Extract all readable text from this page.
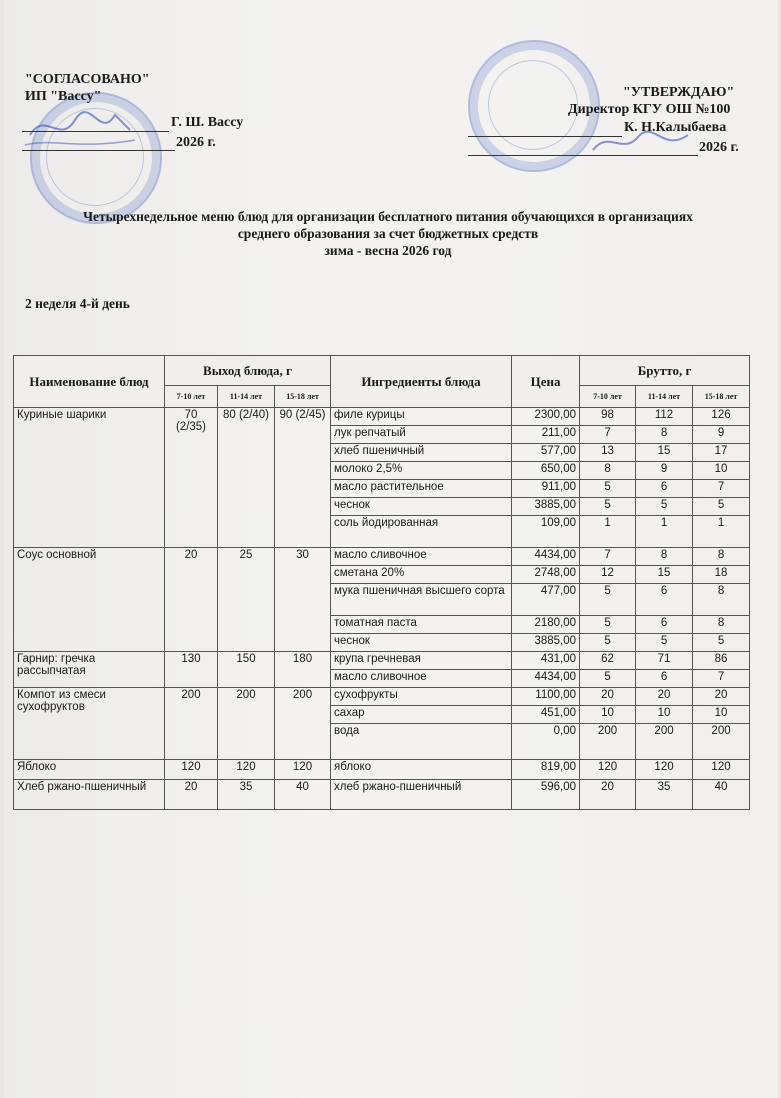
"СОГЛАСОВАНО"
ИП "Вассу"
Г. Ш. Вассу
2026 г.
"УТВЕРЖДАЮ"
Директор КГУ ОШ №100
К. Н.Калыбаева
2026 г.
Четырехнедельное меню блюд для организации бесплатного питания обучающихся в организациях
среднего образования за счет бюджетных средств
зима - весна 2026 год
2 неделя 4-й день
Наименование блюд	Выход блюда, г			Ингредиенты блюда	Цена	Брутто, г		
	7-10 лет	11-14 лет	15-18 лет			7-10 лет	11-14 лет	15-18 лет
Куриные шарики	70 (2/35)	80 (2/40)	90 (2/45)	филе курицы	2300,00	98	112	126
				лук репчатый	211,00	7	8	9
				хлеб пшеничный	577,00	13	15	17
				молоко 2,5%	650,00	8	9	10
				масло растительное	911,00	5	6	7
				чеснок	3885,00	5	5	5
				соль йодированная	109,00	1	1	1
Соус основной	20	25	30	масло сливочное	4434,00	7	8	8
				сметана 20%	2748,00	12	15	18
				мука пшеничная высшего сорта	477,00	5	6	8
				томатная паста	2180,00	5	6	8
				чеснок	3885,00	5	5	5
Гарнир: гречка рассыпчатая	130	150	180	крупа гречневая	431,00	62	71	86
				масло сливочное	4434,00	5	6	7
Компот из смеси сухофруктов	200	200	200	сухофрукты	1100,00	20	20	20
				сахар	451,00	10	10	10
				вода	0,00	200	200	200
Яблоко	120	120	120	яблоко	819,00	120	120	120
Хлеб ржано-пшеничный	20	35	40	хлеб ржано-пшеничный	596,00	20	35	40
